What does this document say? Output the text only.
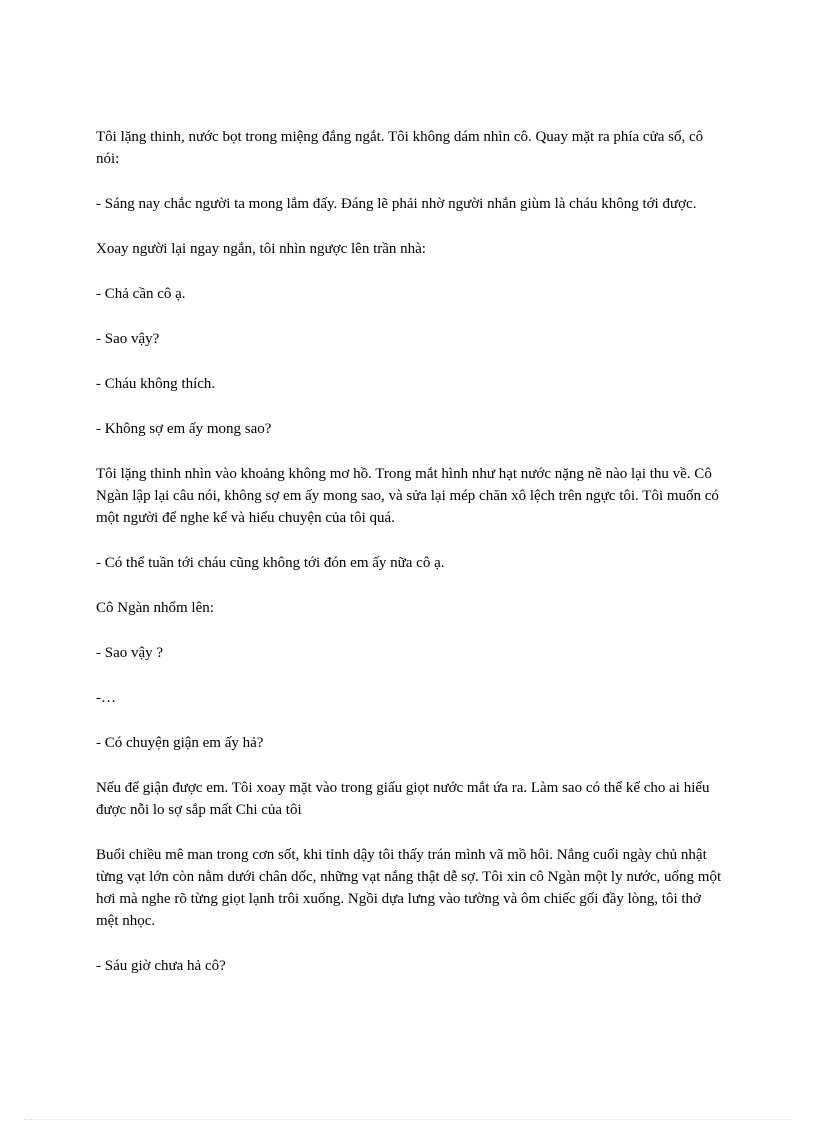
Tôi lặng thinh, nước bọt trong miệng đắng ngắt. Tôi không dám nhìn cô. Quay mặt ra phía cửa sổ, cô nói:

- Sáng nay chắc người ta mong lắm đấy. Đáng lẽ phải nhờ người nhắn giùm là cháu không tới được.

Xoay người lại ngay ngắn, tôi nhìn ngược lên trần nhà:

- Chả cần cô ạ.

- Sao vậy?

- Cháu không thích.

- Không sợ em ấy mong sao?

Tôi lặng thinh nhìn vào khoảng không mơ hồ. Trong mắt hình như hạt nước nặng nề nào lại thu về. Cô Ngàn lập lại câu nói, không sợ em ấy mong sao, và sửa lại mép chăn xô lệch trên ngực tôi. Tôi muốn có một người để nghe kể và hiểu chuyện của tôi quá.

- Có thể tuần tới cháu cũng không tới đón em ấy nữa cô ạ.

Cô Ngàn nhổm lên:

- Sao vậy ?

-…

- Có chuyện giận em ấy hả?

Nếu để giận được em. Tôi xoay mặt vào trong giấu giọt nước mắt ứa ra. Làm sao có thể kể cho ai hiểu được nỗi lo sợ sắp mất Chi của tôi

Buổi chiều mê man trong cơn sốt, khi tỉnh dậy tôi thấy trán mình vã mồ hôi. Nắng cuối ngày chủ nhật từng vạt lớn còn nằm dưới chân dốc, những vạt nắng thật dễ sợ. Tôi xin cô Ngàn một ly nước, uống một hơi mà nghe rõ từng giọt lạnh trôi xuống. Ngồi dựa lưng vào tường và ôm chiếc gối đầy lòng, tôi thở mệt nhọc.

- Sáu giờ chưa hả cô?
